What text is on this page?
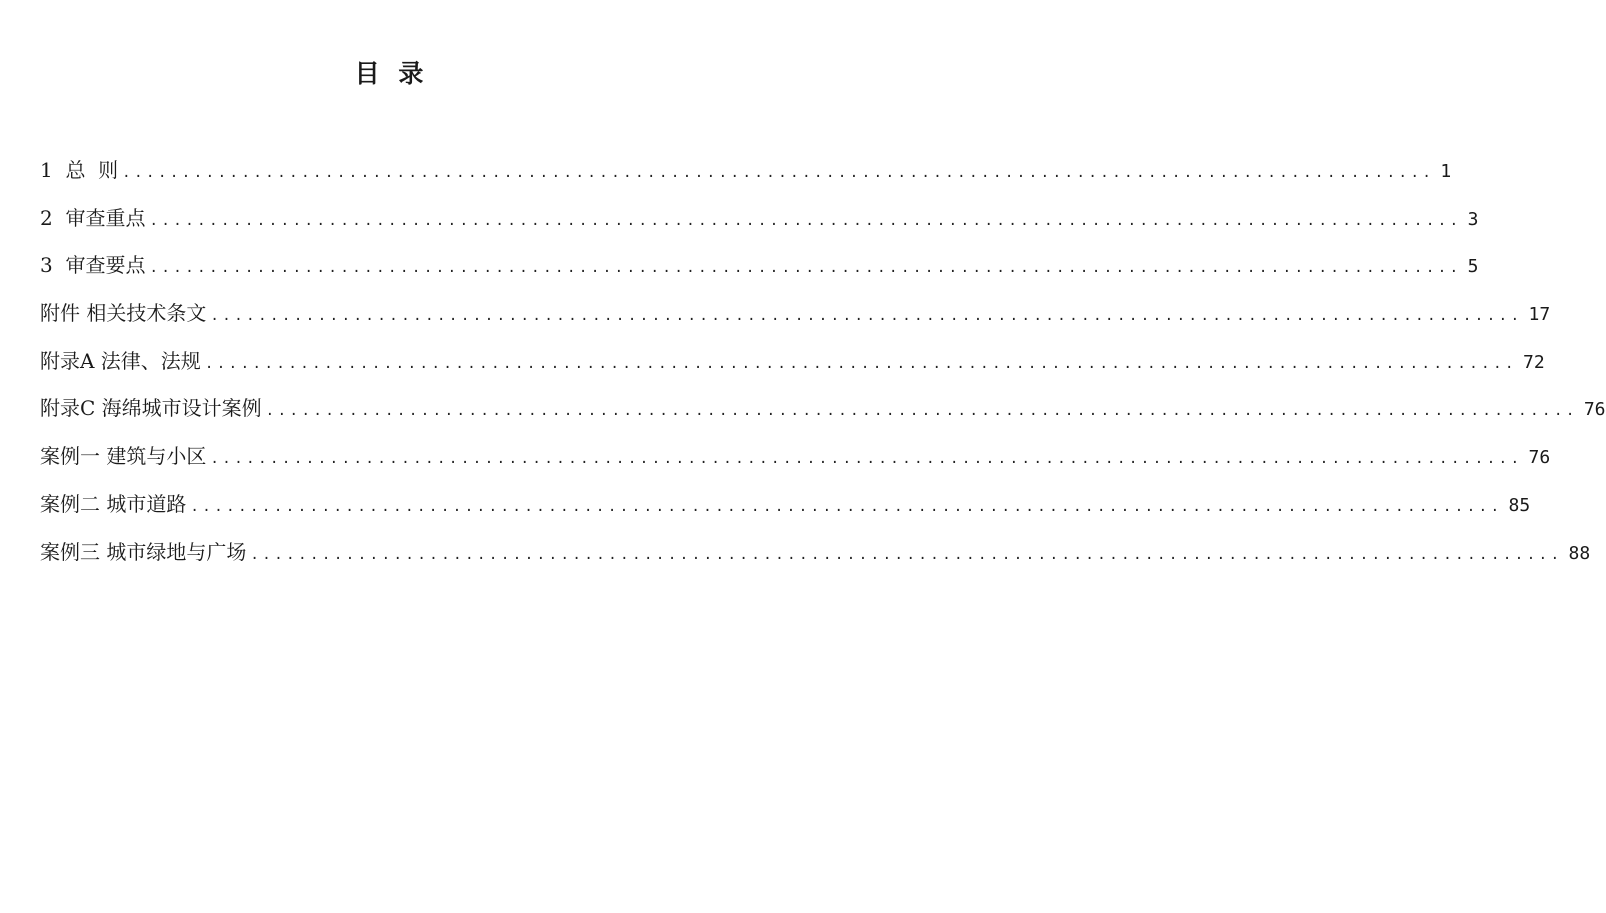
目 录
1  总  则 .............................................................................................................. 1
2  审查重点 .............................................................................................................. 3
3  审查要点 .............................................................................................................. 5
附件 相关技术条文 .............................................................................................................. 17
附录A 法律、法规 .............................................................................................................. 72
附录C 海绵城市设计案例 .............................................................................................................. 76
案例一 建筑与小区 .............................................................................................................. 76
案例二 城市道路 .............................................................................................................. 85
案例三 城市绿地与广场 .............................................................................................................. 88
